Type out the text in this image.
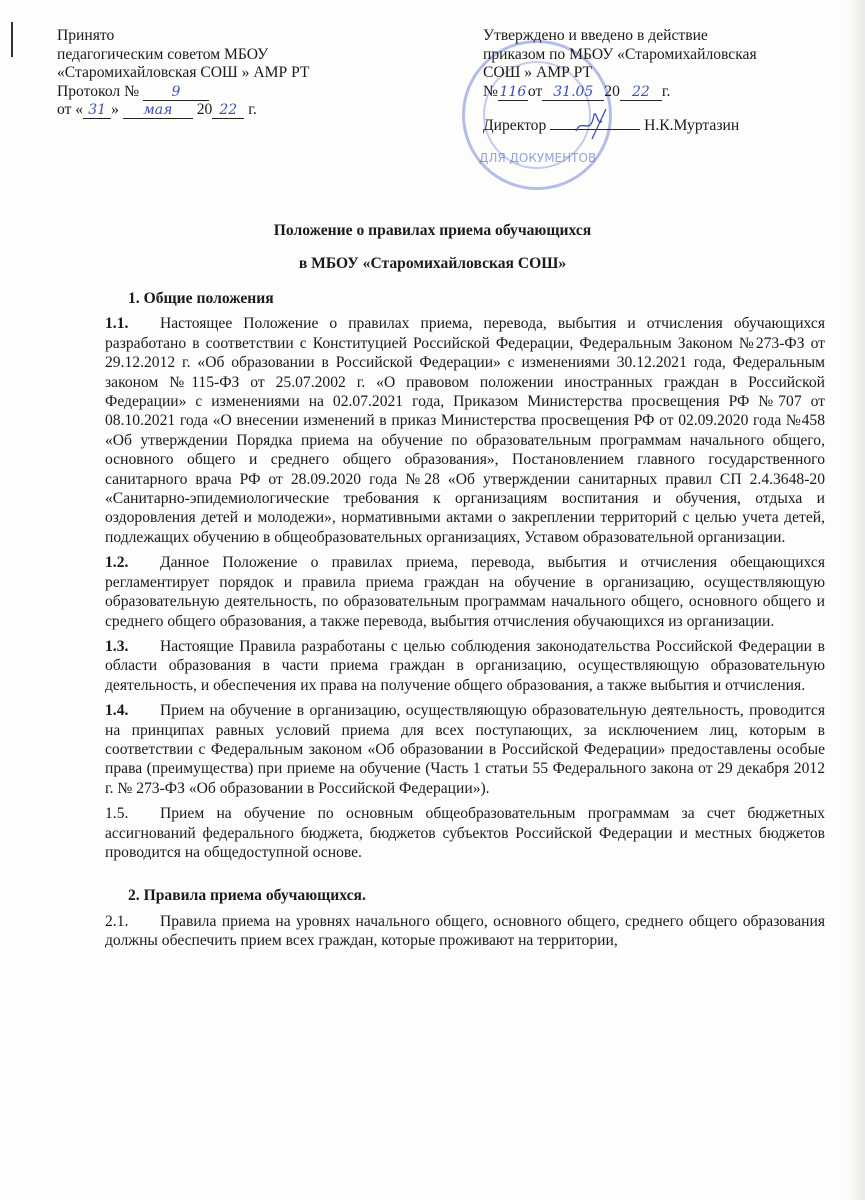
ДЛЯ ДОКУМЕНТОВ
Принято
педагогическим советом МБОУ
«Старомихайловская СОШ » АМР РТ
Протокол № 9
от « 31 » мая 20 22 г.
Утверждено и введено в действие
приказом по МБОУ «Старомихайловская
СОШ » АМР РТ
№ 116 от 31.05 20 22 г.
Директор	Н.К.Муртазин
Положение о правилах приема обучающихся
в МБОУ «Старомихайловская СОШ»
1. Общие положения
1.1. Настоящее Положение о правилах приема, перевода, выбытия и отчисления обучающихся разработано в соответствии с Конституцией Российской Федерации, Федеральным Законом №273-ФЗ от 29.12.2012 г. «Об образовании в Российской Федерации» с изменениями 30.12.2021 года, Федеральным законом №115-ФЗ от 25.07.2002 г. «О правовом положении иностранных граждан в Российской Федерации» с изменениями на 02.07.2021 года, Приказом Министерства просвещения РФ №707 от 08.10.2021 года «О внесении изменений в приказ Министерства просвещения РФ от 02.09.2020 года №458 «Об утверждении Порядка приема на обучение по образовательным программам начального общего, основного общего и среднего общего образования», Постановлением главного государственного санитарного врача РФ от 28.09.2020 года №28 «Об утверждении санитарных правил СП 2.4.3648-20 «Санитарно-эпидемиологические требования к организациям воспитания и обучения, отдыха и оздоровления детей и молодежи», нормативными актами о закреплении территорий с целью учета детей, подлежащих обучению в общеобразовательных организациях, Уставом образовательной организации.
1.2. Данное Положение о правилах приема, перевода, выбытия и отчисления обещающихся регламентирует порядок и правила приема граждан на обучение в организацию, осуществляющую образовательную деятельность, по образовательным программам начального общего, основного общего и среднего общего образования, а также перевода, выбытия отчисления обучающихся из организации.
1.3. Настоящие Правила разработаны с целью соблюдения законодательства Российской Федерации в области образования в части приема граждан в организацию, осуществляющую образовательную деятельность, и обеспечения их права на получение общего образования, а также выбытия и отчисления.
1.4. Прием на обучение в организацию, осуществляющую образовательную деятельность, проводится на принципах равных условий приема для всех поступающих, за исключением лиц, которым в соответствии с Федеральным законом «Об образовании в Российской Федерации» предоставлены особые права (преимущества) при приеме на обучение (Часть 1 статьи 55 Федерального закона от 29 декабря 2012 г. № 273-ФЗ «Об образовании в Российской Федерации»).
1.5. Прием на обучение по основным общеобразовательным программам за счет бюджетных ассигнований федерального бюджета, бюджетов субъектов Российской Федерации и местных бюджетов проводится на общедоступной основе.
2. Правила приема обучающихся.
2.1. Правила приема на уровнях начального общего, основного общего, среднего общего образования должны обеспечить прием всех граждан, которые проживают на территории,
